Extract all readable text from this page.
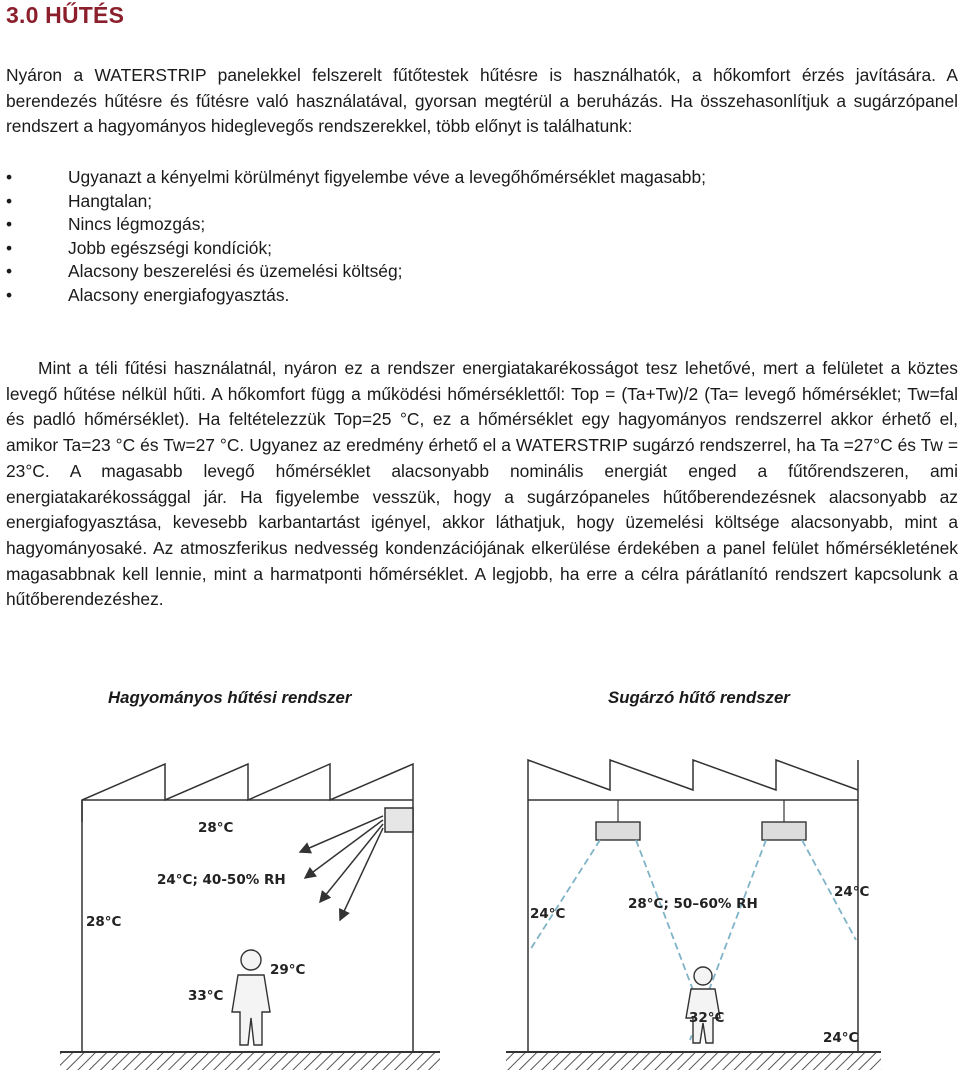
3.0 HŰTÉS

Nyáron a WATERSTRIP panelekkel felszerelt fűtőtestek hűtésre is használhatók, a hőkomfort érzés javítására. A berendezés hűtésre és fűtésre való használatával, gyorsan megtérül a beruházás. Ha összehasonlítjuk a sugárzópanel rendszert a hagyományos hideglevegős rendszerekkel, több előnyt is találhatunk:

•	Ugyanazt a kényelmi körülményt figyelembe véve a levegőhőmérséklet magasabb;
•	Hangtalan;
•	Nincs légmozgás;
•	Jobb egészségi kondíciók;
•	Alacsony beszerelési és üzemelési költség;
•	Alacsony energiafogyasztás.

Mint a téli fűtési használatnál, nyáron ez a rendszer energiatakarékosságot tesz lehetővé, mert a felületet a köztes levegő hűtése nélkül hűti. A hőkomfort függ a működési hőmérséklettől: Top = (Ta+Tw)/2 (Ta= levegő hőmérséklet; Tw=fal és padló hőmérséklet). Ha feltételezzük Top=25 °C, ez a hőmérséklet egy hagyományos rendszerrel akkor érhető el, amikor Ta=23 °C és Tw=27 °C. Ugyanez az eredmény érhető el a WATERSTRIP sugárzó rendszerrel, ha Ta =27°C és Tw = 23°C. A magasabb levegő hőmérséklet alacsonyabb nominális energiát enged a fűtőrendszeren, ami energiatakarékossággal jár. Ha figyelembe vesszük, hogy a sugárzópaneles hűtőberendezésnek alacsonyabb az energiafogyasztása, kevesebb karbantartást igényel, akkor láthatjuk, hogy üzemelési költsége alacsonyabb, mint a hagyományosaké. Az atmoszferikus nedvesség kondenzációjának elkerülése érdekében a panel felület hőmérsékletének magasabbnak kell lennie, mint a harmatponti hőmérséklet. A legjobb, ha erre a célra párátlanító rendszert kapcsolunk a hűtőberendezéshez.

Hagyományos hűtési rendszer	Sugárzó hűtő rendszer

28°C
24°C; 40-50% RH
28°C
29°C
33°C
28°C; 50–60% RH
24°C
24°C
32°C
24°C
